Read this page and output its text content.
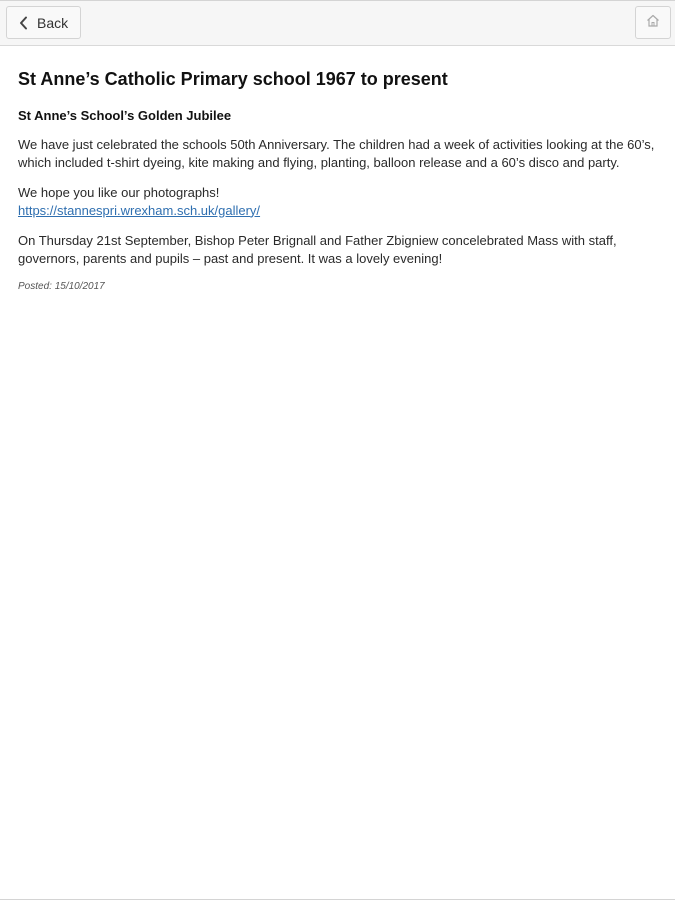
Back
St Anne’s Catholic Primary school 1967 to present
St Anne’s School’s Golden Jubilee

We have just celebrated the schools 50th Anniversary. The children had a week of activities looking at the 60’s, which included t-shirt dyeing, kite making and flying, planting, balloon release and a 60’s disco and party.

We hope you like our photographs!
https://stannespri.wrexham.sch.uk/gallery/

On Thursday 21st September, Bishop Peter Brignall and Father Zbigniew concelebrated Mass with staff, governors, parents and pupils – past and present. It was a lovely evening!

Posted: 15/10/2017
